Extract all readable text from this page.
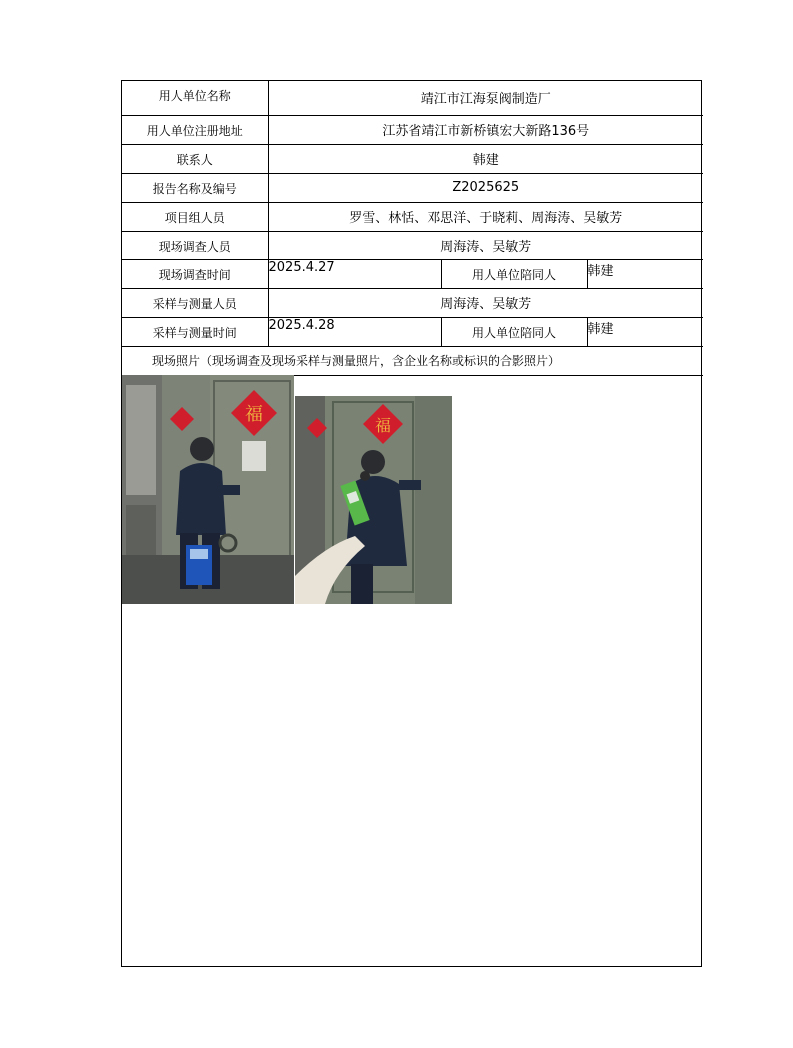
用人单位名称	靖江市江海泵阀制造厂		
用人单位注册地址	江苏省靖江市新桥镇宏大新路136号		
联系人	韩建		
报告名称及编号	Z2025625		
项目组人员	罗雪、林恬、邓思洋、于晓莉、周海涛、吴敏芳		
现场调查人员	周海涛、吴敏芳		
现场调查时间	2025.4.27	用人单位陪同人	韩建
采样与测量人员	周海涛、吴敏芳		
采样与测量时间	2025.4.28	用人单位陪同人	韩建
现场照片（现场调查及现场采样与测量照片，含企业名称或标识的合影照片）			
福
福
